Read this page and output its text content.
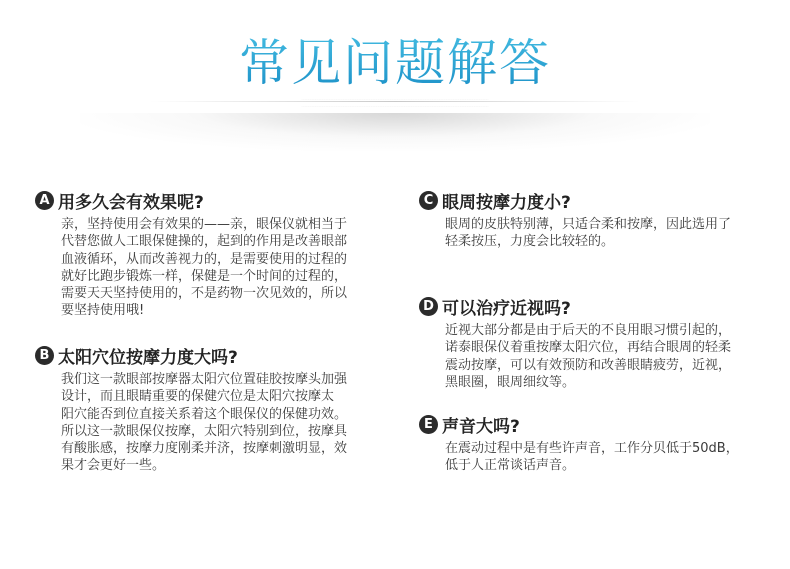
常见问题解答
......................................................................................................................................................................................................................................................................................................
......................................................................................................................................................................................................................................................................................................
A 用多久会有效果呢?
亲，坚持使用会有效果的——亲，眼保仪就相当于
代替您做人工眼保健操的，起到的作用是改善眼部
血液循环，从而改善视力的，是需要使用的过程的
就好比跑步锻炼一样，保健是一个时间的过程的，
需要天天坚持使用的，不是药物一次见效的，所以
要坚持使用哦!
B 太阳穴位按摩力度大吗?
我们这一款眼部按摩器太阳穴位置硅胶按摩头加强
设计，而且眼睛重要的保健穴位是太阳穴按摩太
阳穴能否到位直接关系着这个眼保仪的保健功效。
所以这一款眼保仪按摩，太阳穴特别到位，按摩具
有酸胀感，按摩力度刚柔并济，按摩刺激明显，效
果才会更好一些。
C 眼周按摩力度小?
眼周的皮肤特别薄，只适合柔和按摩，因此选用了
轻柔按压，力度会比较轻的。
D 可以治疗近视吗?
近视大部分都是由于后天的不良用眼习惯引起的，
诺泰眼保仪着重按摩太阳穴位，再结合眼周的轻柔
震动按摩，可以有效预防和改善眼睛疲劳，近视，
黑眼圈，眼周细纹等。
E 声音大吗?
在震动过程中是有些许声音，工作分贝低于50dB，
低于人正常谈话声音。
